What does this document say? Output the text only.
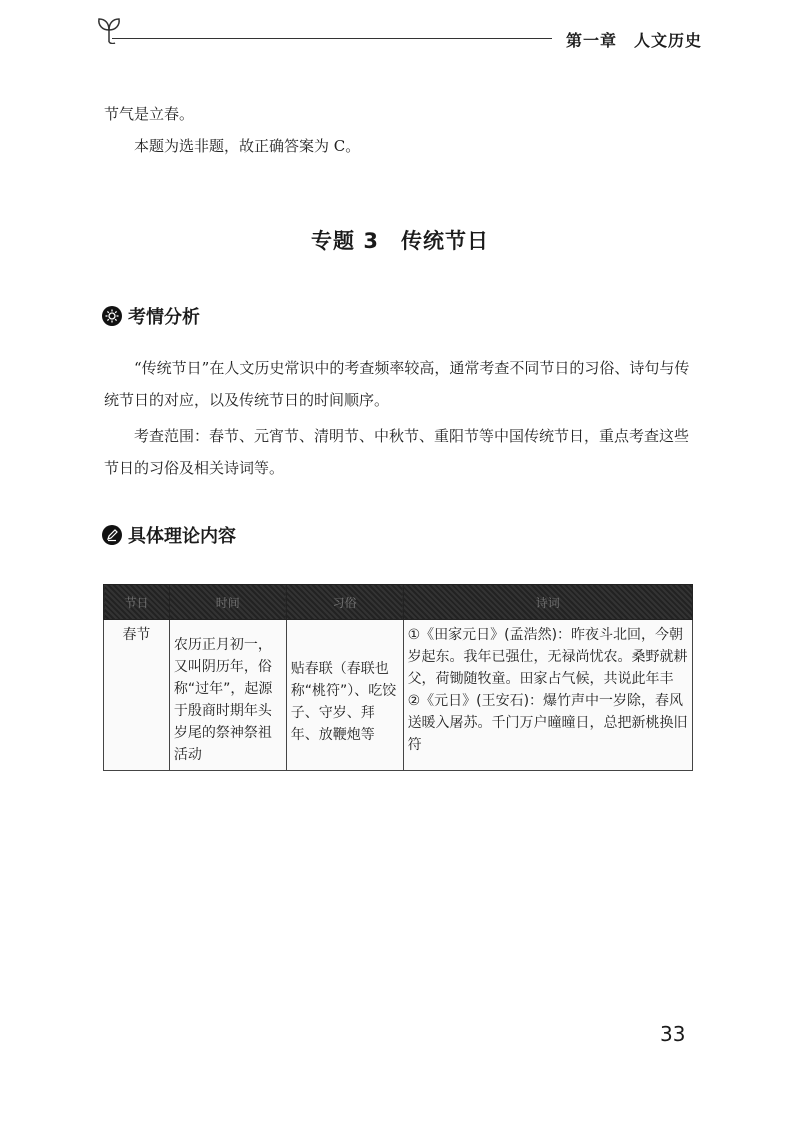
第一章　人文历史
节气是立春。
本题为选非题，故正确答案为 C。
专题 3　传统节日
考情分析
“传统节日”在人文历史常识中的考查频率较高，通常考查不同节日的习俗、诗句与传统节日的对应，以及传统节日的时间顺序。
考查范围：春节、元宵节、清明节、中秋节、重阳节等中国传统节日，重点考查这些节日的习俗及相关诗词等。
具体理论内容
节日	时间	习俗	诗词
春节	农历正月初一，又叫阴历年，俗称“过年”，起源于殷商时期年头岁尾的祭神祭祖活动	贴春联（春联也称“桃符”）、吃饺子、守岁、拜年、放鞭炮等	①《田家元日》(孟浩然)：昨夜斗北回，今朝岁起东。我年已强仕，无禄尚忧农。桑野就耕父，荷锄随牧童。田家占气候，共说此年丰
②《元日》(王安石)：爆竹声中一岁除，春风送暖入屠苏。千门万户曈曈日，总把新桃换旧符
33
